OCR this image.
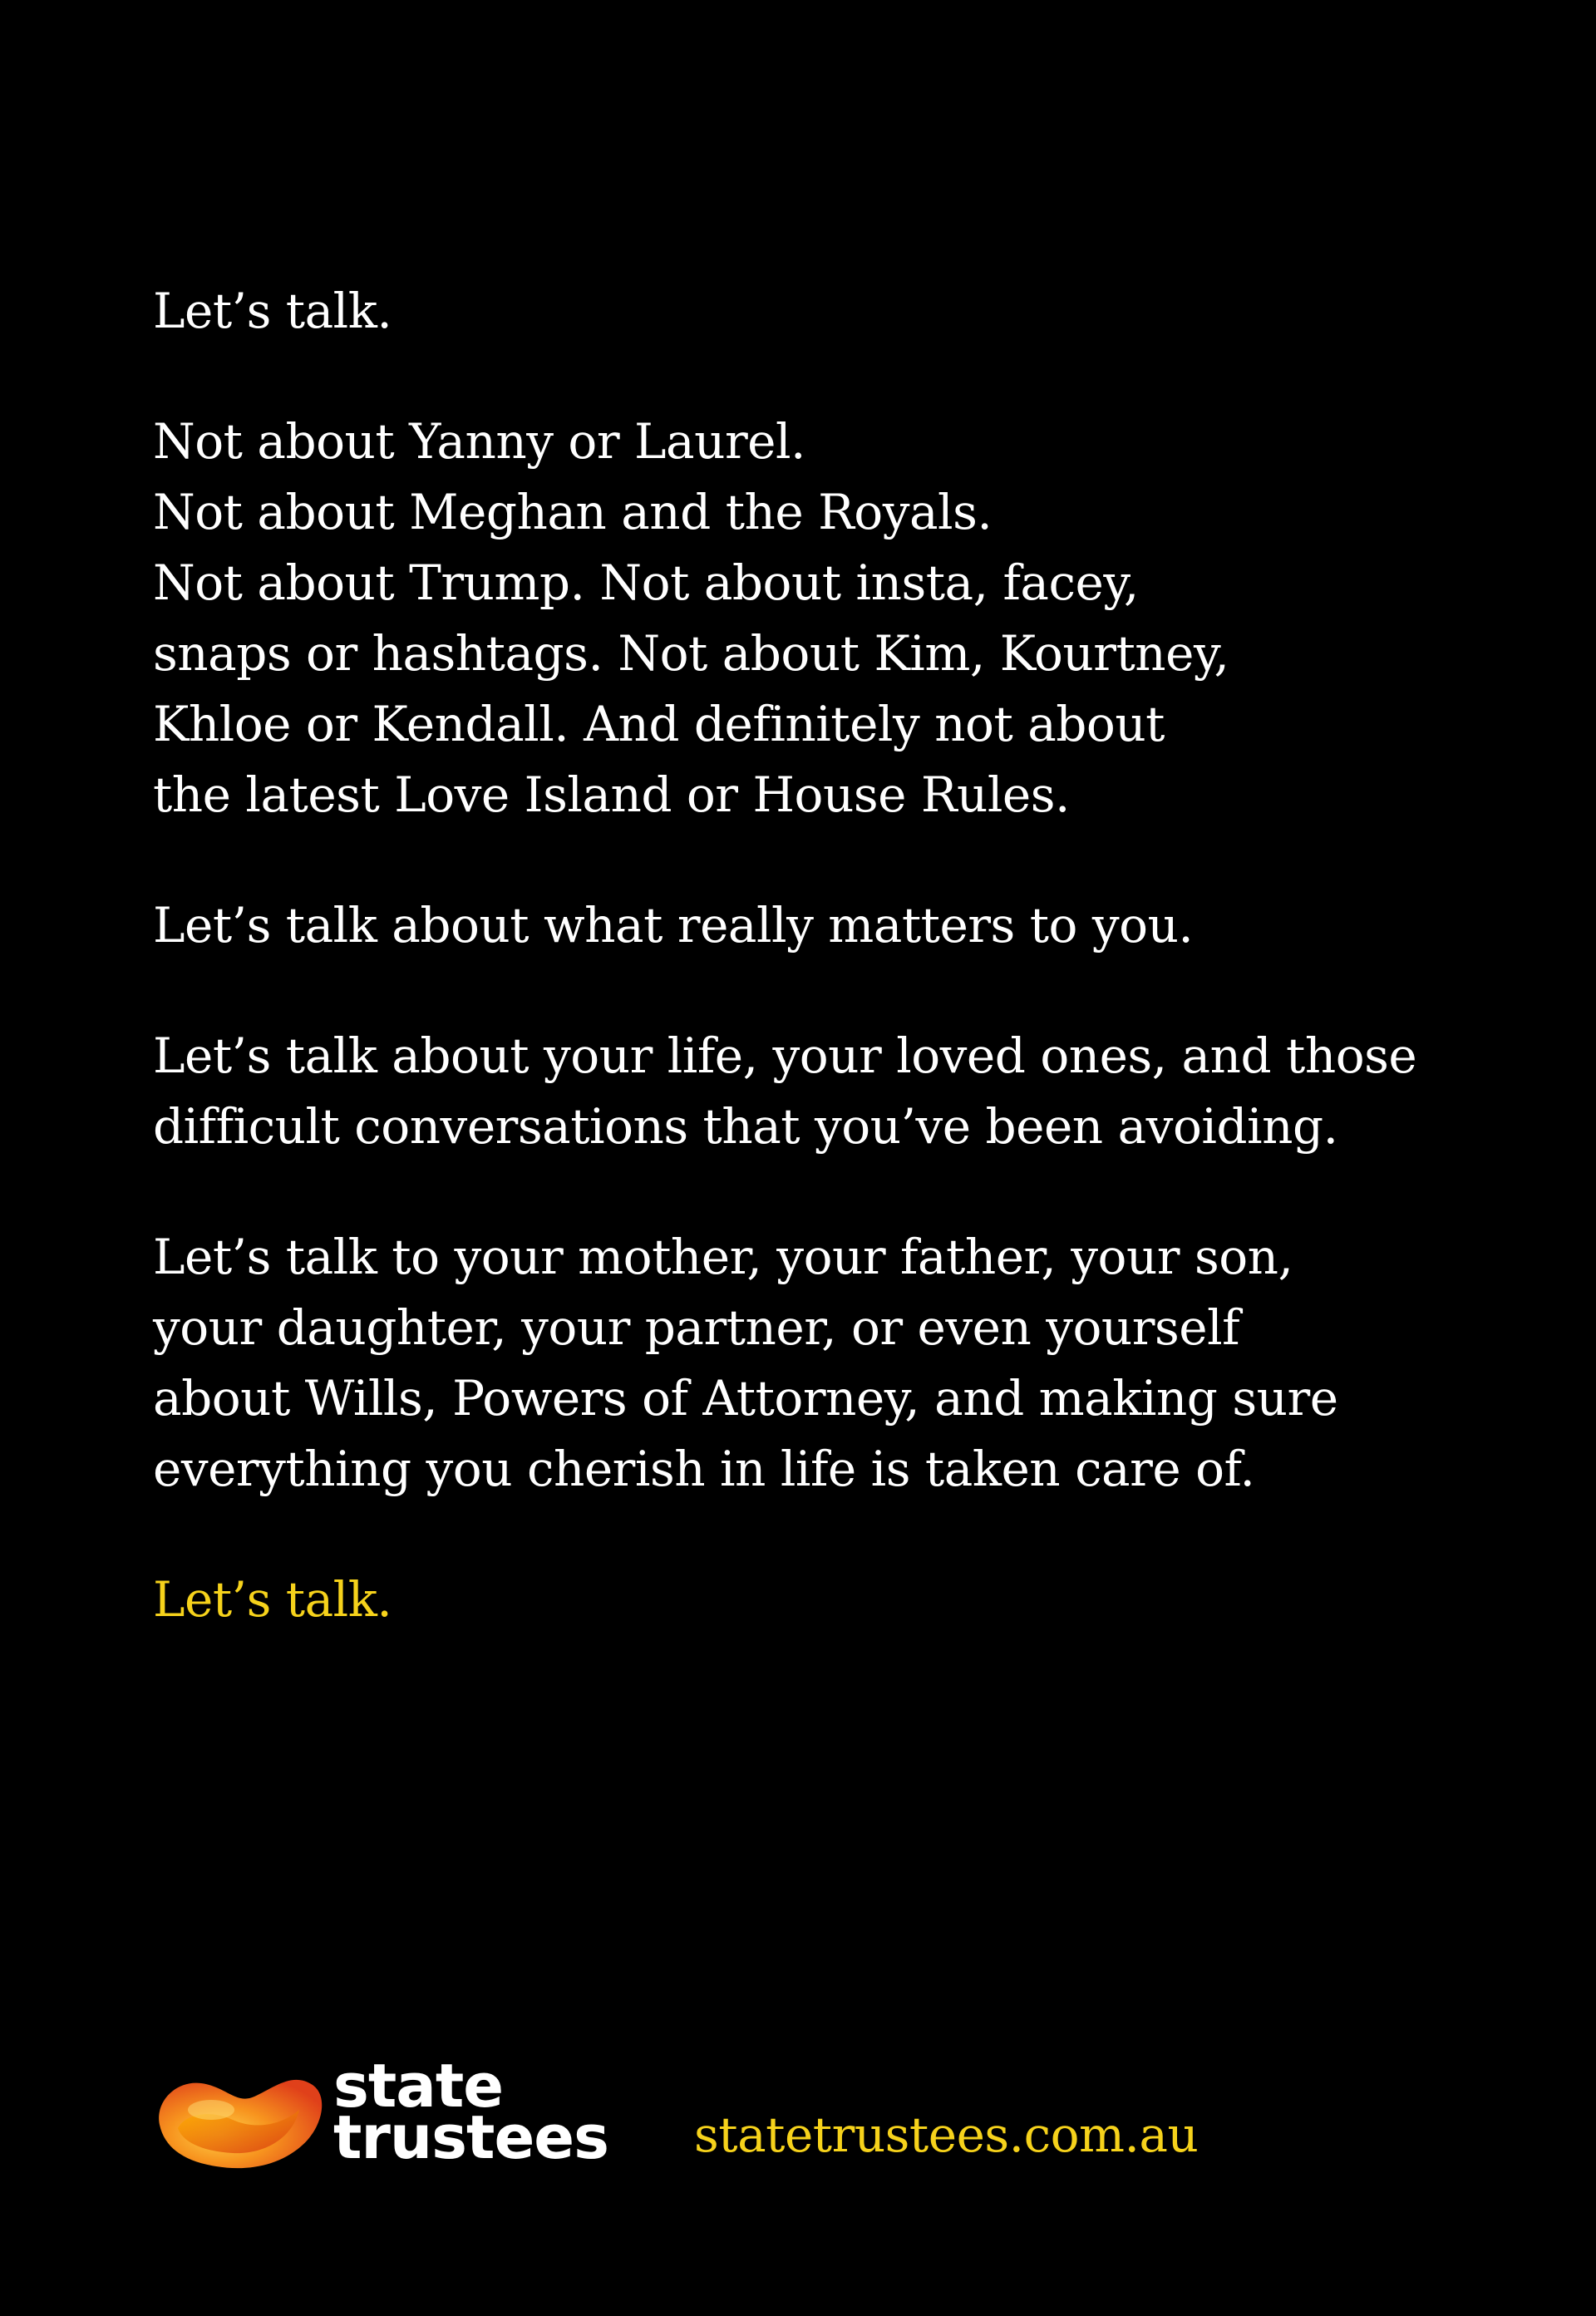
Let’s talk.

Not about Yanny or Laurel.
Not about Meghan and the Royals.
Not about Trump. Not about insta, facey,
snaps or hashtags. Not about Kim, Kourtney,
Khloe or Kendall. And definitely not about
the latest Love Island or House Rules.

Let’s talk about what really matters to you.

Let’s talk about your life, your loved ones, and those
difficult conversations that you’ve been avoiding.

Let’s talk to your mother, your father, your son,
your daughter, your partner, or even yourself
about Wills, Powers of Attorney, and making sure
everything you cherish in life is taken care of.

Let’s talk.

state
trustees statetrustees.com.au
